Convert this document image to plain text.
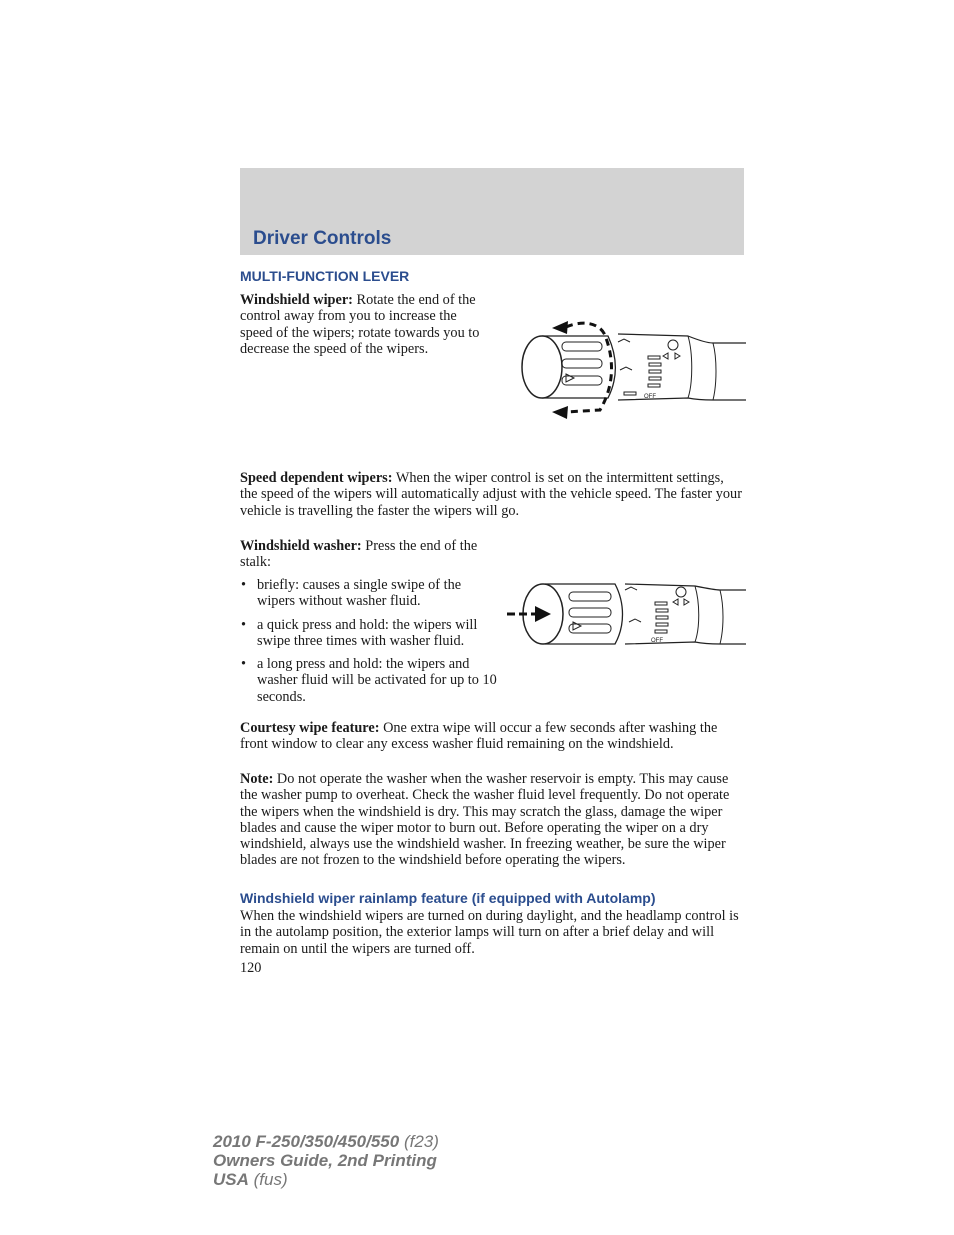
Driver Controls
MULTI-FUNCTION LEVER
Windshield wiper: Rotate the end of the control away from you to increase the speed of the wipers; rotate towards you to decrease the speed of the wipers.
OFF
Speed dependent wipers: When the wiper control is set on the intermittent settings, the speed of the wipers will automatically adjust with the vehicle speed. The faster your vehicle is travelling the faster the wipers will go.
Windshield washer: Press the end of the stalk:
• briefly: causes a single swipe of the wipers without washer fluid.
• a quick press and hold: the wipers will swipe three times with washer fluid.
• a long press and hold: the wipers and washer fluid will be activated for up to 10 seconds.
OFF
Courtesy wipe feature: One extra wipe will occur a few seconds after washing the front window to clear any excess washer fluid remaining on the windshield.
Note: Do not operate the washer when the washer reservoir is empty. This may cause the washer pump to overheat. Check the washer fluid level frequently. Do not operate the wipers when the windshield is dry. This may scratch the glass, damage the wiper blades and cause the wiper motor to burn out. Before operating the wiper on a dry windshield, always use the windshield washer. In freezing weather, be sure the wiper blades are not frozen to the windshield before operating the wipers.
Windshield wiper rainlamp feature (if equipped with Autolamp)
When the windshield wipers are turned on during daylight, and the headlamp control is in the autolamp position, the exterior lamps will turn on after a brief delay and will remain on until the wipers are turned off.
120
2010 F-250/350/450/550 (f23)
Owners Guide, 2nd Printing
USA (fus)
